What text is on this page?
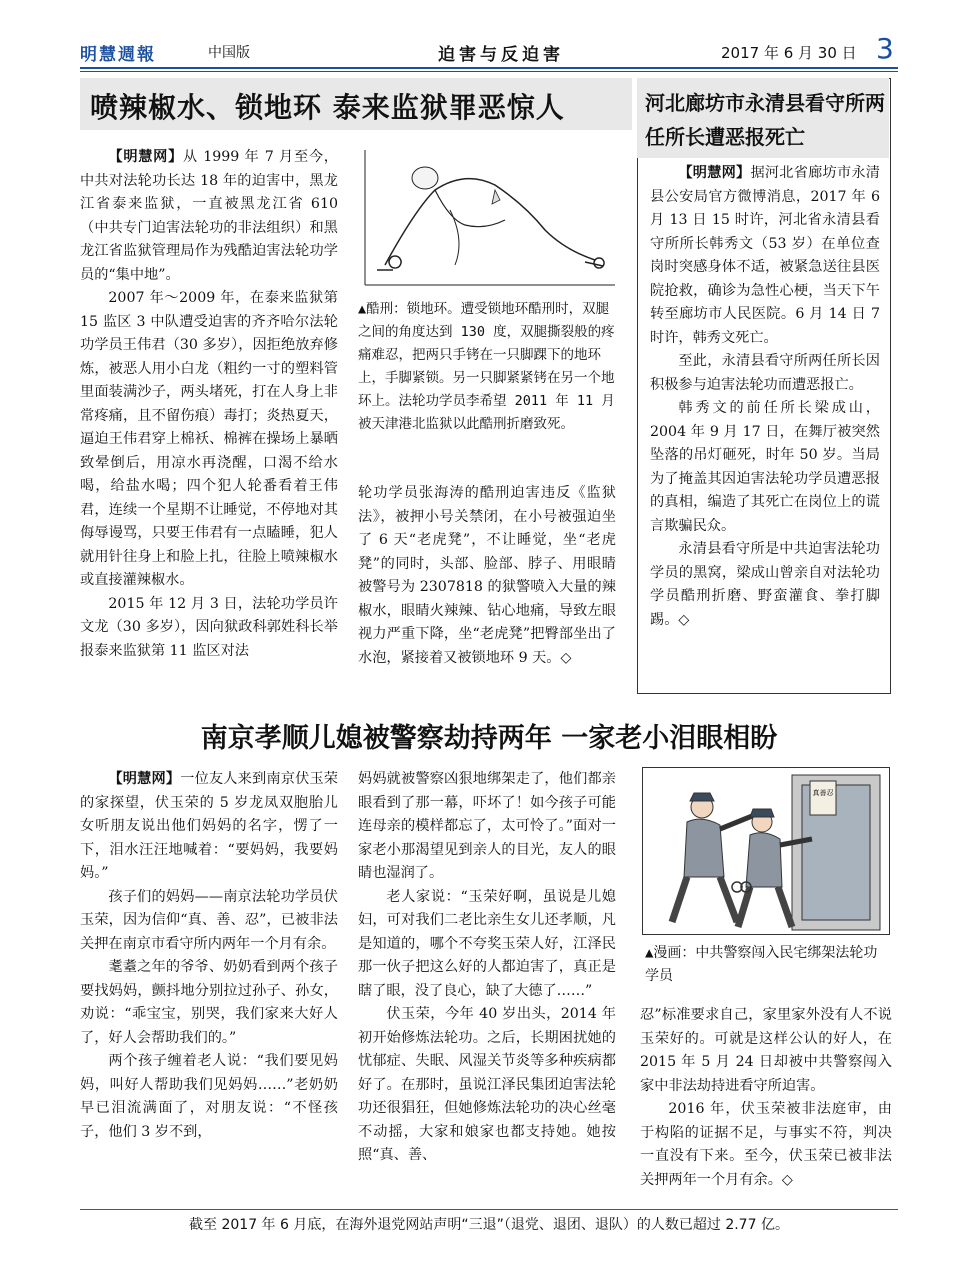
明慧週報	中国版	迫害与反迫害	2017 年 6 月 30 日 3
喷辣椒水、锁地环 泰来监狱罪恶惊人

【明慧网】从 1999 年 7 月至今，中共对法轮功长达 18 年的迫害中，黑龙江省泰来监狱，一直被黑龙江省 610（中共专门迫害法轮功的非法组织）和黑龙江省监狱管理局作为残酷迫害法轮功学员的“集中地”。

2007 年～2009 年，在泰来监狱第 15 监区 3 中队遭受迫害的齐齐哈尔法轮功学员王伟君（30 多岁），因拒绝放弃修炼，被恶人用小白龙（粗约一寸的塑料管里面装满沙子，两头堵死，打在人身上非常疼痛，且不留伤痕）毒打；炎热夏天，逼迫王伟君穿上棉袄、棉裤在操场上暴晒致晕倒后，用凉水再浇醒，口渴不给水喝，给盐水喝；四个犯人轮番看着王伟君，连续一个星期不让睡觉，不停地对其侮辱谩骂，只要王伟君有一点瞌睡，犯人就用针往身上和脸上扎，往脸上喷辣椒水或直接灌辣椒水。

2015 年 12 月 3 日，法轮功学员许文龙（30 多岁），因向狱政科郭姓科长举报泰来监狱第 11 监区对法

▲酷刑：锁地环。遭受锁地环酷刑时，双腿之间的角度达到 130 度，双腿撕裂般的疼痛难忍，把两只手铐在一只脚踝下的地环上，手脚紧锁。另一只脚紧紧铐在另一个地环上。法轮功学员李希望 2011 年 11 月被天津港北监狱以此酷刑折磨致死。

轮功学员张海涛的酷刑迫害违反《监狱法》，被押小号关禁闭，在小号被强迫坐了 6 天“老虎凳”，不让睡觉，坐“老虎凳”的同时，头部、脸部、脖子、用眼睛被警号为 2307818 的狱警喷入大量的辣椒水，眼睛火辣辣、钻心地痛，导致左眼视力严重下降，坐“老虎凳”把臀部坐出了水泡，紧接着又被锁地环 9 天。◇

河北廊坊市永清县看守所两任所长遭恶报死亡

【明慧网】据河北省廊坊市永清县公安局官方微博消息，2017 年 6 月 13 日 15 时许，河北省永清县看守所所长韩秀文（53 岁）在单位查岗时突感身体不适，被紧急送往县医院抢救，确诊为急性心梗，当天下午转至廊坊市人民医院。6 月 14 日 7 时许，韩秀文死亡。

至此，永清县看守所两任所长因积极参与迫害法轮功而遭恶报亡。

韩秀文的前任所长梁成山，2004 年 9 月 17 日，在舞厅被突然坠落的吊灯砸死，时年 50 岁。当局为了掩盖其因迫害法轮功学员遭恶报的真相，编造了其死亡在岗位上的谎言欺骗民众。

永清县看守所是中共迫害法轮功学员的黑窝，梁成山曾亲自对法轮功学员酷刑折磨、野蛮灌食、拳打脚踢。◇

南京孝顺儿媳被警察劫持两年 一家老小泪眼相盼

【明慧网】一位友人来到南京伏玉荣的家探望，伏玉荣的 5 岁龙凤双胞胎儿女听朋友说出他们妈妈的名字，愣了一下，泪水汪汪地喊着：“要妈妈，我要妈妈。”

孩子们的妈妈——南京法轮功学员伏玉荣，因为信仰“真、善、忍”，已被非法关押在南京市看守所内两年一个月有余。

耄耋之年的爷爷、奶奶看到两个孩子要找妈妈，颤抖地分别拉过孙子、孙女，劝说：“乖宝宝，别哭，我们家来大好人了，好人会帮助我们的。”

两个孩子缠着老人说：“我们要见妈妈，叫好人帮助我们见妈妈……”老奶奶早已泪流满面了，对朋友说：“不怪孩子，他们 3 岁不到，

妈妈就被警察凶狠地绑架走了，他们都亲眼看到了那一幕，吓坏了！如今孩子可能连母亲的模样都忘了，太可怜了。”面对一家老小那渴望见到亲人的目光，友人的眼睛也湿润了。

老人家说：“玉荣好啊，虽说是儿媳妇，可对我们二老比亲生女儿还孝顺，凡是知道的，哪个不夸奖玉荣人好，江泽民那一伙子把这么好的人都迫害了，真正是瞎了眼，没了良心，缺了大德了……”

伏玉荣，今年 40 岁出头，2014 年初开始修炼法轮功。之后，长期困扰她的忧郁症、失眠、风湿关节炎等多种疾病都好了。在那时，虽说江泽民集团迫害法轮功还很猖狂，但她修炼法轮功的决心丝毫不动摇，大家和娘家也都支持她。她按照“真、善、

真善忍
▲漫画：中共警察闯入民宅绑架法轮功学员

忍”标准要求自己，家里家外没有人不说玉荣好的。可就是这样公认的好人，在 2015 年 5 月 24 日却被中共警察闯入家中非法劫持进看守所迫害。

2016 年，伏玉荣被非法庭审，由于构陷的证据不足，与事实不符，判决一直没有下来。至今，伏玉荣已被非法关押两年一个月有余。◇

截至 2017 年 6 月底，在海外退党网站声明“三退”（退党、退团、退队）的人数已超过 2.77 亿。
